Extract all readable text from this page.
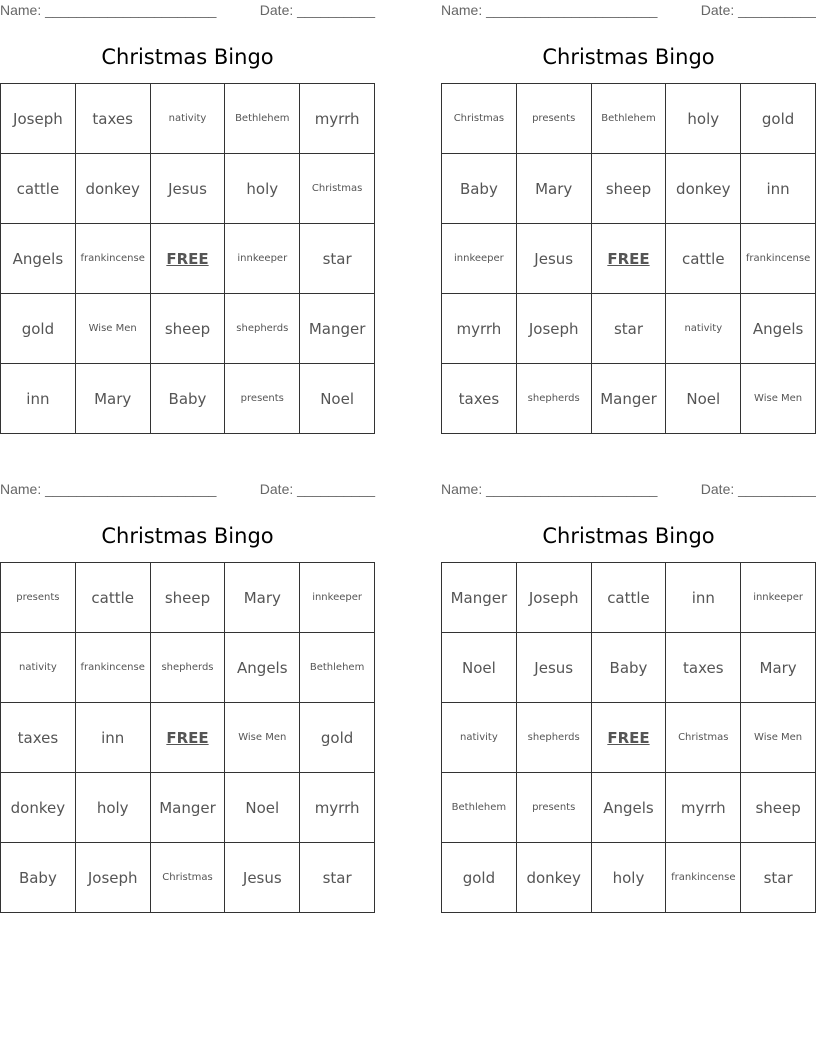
Name: ______________________	Date: __________
Christmas Bingo
Joseph	taxes	nativity	Bethlehem	myrrh
cattle	donkey	Jesus	holy	Christmas
Angels	frankincense	FREE	innkeeper	star
gold	Wise Men	sheep	shepherds	Manger
inn	Mary	Baby	presents	Noel
Name: ______________________	Date: __________
Christmas Bingo
Christmas	presents	Bethlehem	holy	gold
Baby	Mary	sheep	donkey	inn
innkeeper	Jesus	FREE	cattle	frankincense
myrrh	Joseph	star	nativity	Angels
taxes	shepherds	Manger	Noel	Wise Men
Name: ______________________	Date: __________
Christmas Bingo
presents	cattle	sheep	Mary	innkeeper
nativity	frankincense	shepherds	Angels	Bethlehem
taxes	inn	FREE	Wise Men	gold
donkey	holy	Manger	Noel	myrrh
Baby	Joseph	Christmas	Jesus	star
Name: ______________________	Date: __________
Christmas Bingo
Manger	Joseph	cattle	inn	innkeeper
Noel	Jesus	Baby	taxes	Mary
nativity	shepherds	FREE	Christmas	Wise Men
Bethlehem	presents	Angels	myrrh	sheep
gold	donkey	holy	frankincense	star
